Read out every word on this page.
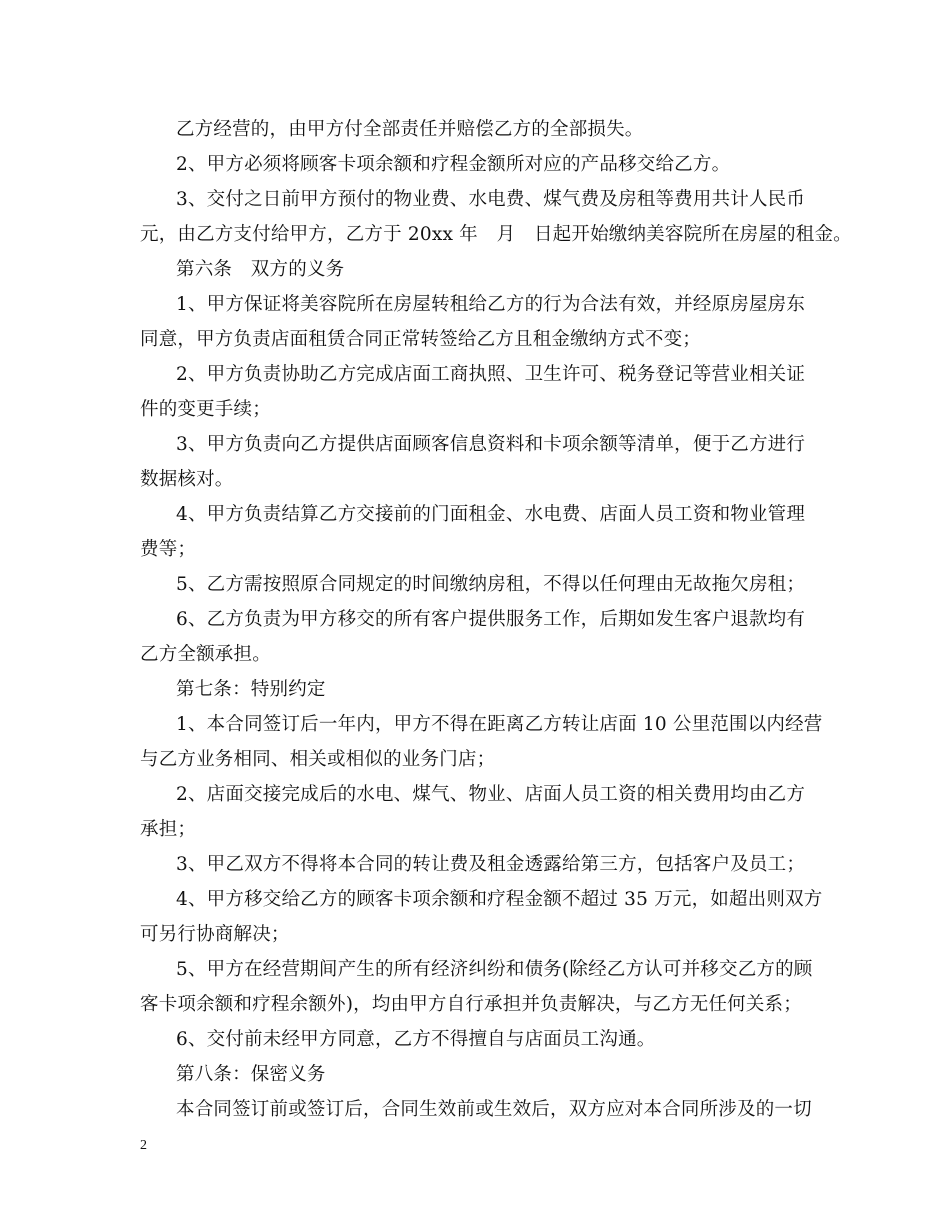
乙方经营的，由甲方付全部责任并赔偿乙方的全部损失。
2、甲方必须将顾客卡项余额和疗程金额所对应的产品移交给乙方。
3、交付之日前甲方预付的物业费、水电费、煤气费及房租等费用共计人民币
元，由乙方支付给甲方，乙方于 20xx 年　月　日起开始缴纳美容院所在房屋的租金。
第六条　双方的义务
1、甲方保证将美容院所在房屋转租给乙方的行为合法有效，并经原房屋房东
同意，甲方负责店面租赁合同正常转签给乙方且租金缴纳方式不变；
2、甲方负责协助乙方完成店面工商执照、卫生许可、税务登记等营业相关证
件的变更手续；
3、甲方负责向乙方提供店面顾客信息资料和卡项余额等清单，便于乙方进行
数据核对。
4、甲方负责结算乙方交接前的门面租金、水电费、店面人员工资和物业管理
费等；
5、乙方需按照原合同规定的时间缴纳房租，不得以任何理由无故拖欠房租；
6、乙方负责为甲方移交的所有客户提供服务工作，后期如发生客户退款均有
乙方全额承担。
第七条：特别约定
1、本合同签订后一年内，甲方不得在距离乙方转让店面 10 公里范围以内经营
与乙方业务相同、相关或相似的业务门店；
2、店面交接完成后的水电、煤气、物业、店面人员工资的相关费用均由乙方
承担；
3、甲乙双方不得将本合同的转让费及租金透露给第三方，包括客户及员工；
4、甲方移交给乙方的顾客卡项余额和疗程金额不超过 35 万元，如超出则双方
可另行协商解决；
5、甲方在经营期间产生的所有经济纠纷和债务(除经乙方认可并移交乙方的顾
客卡项余额和疗程余额外)，均由甲方自行承担并负责解决，与乙方无任何关系；
6、交付前未经甲方同意，乙方不得擅自与店面员工沟通。
第八条：保密义务
本合同签订前或签订后，合同生效前或生效后，双方应对本合同所涉及的一切
2
